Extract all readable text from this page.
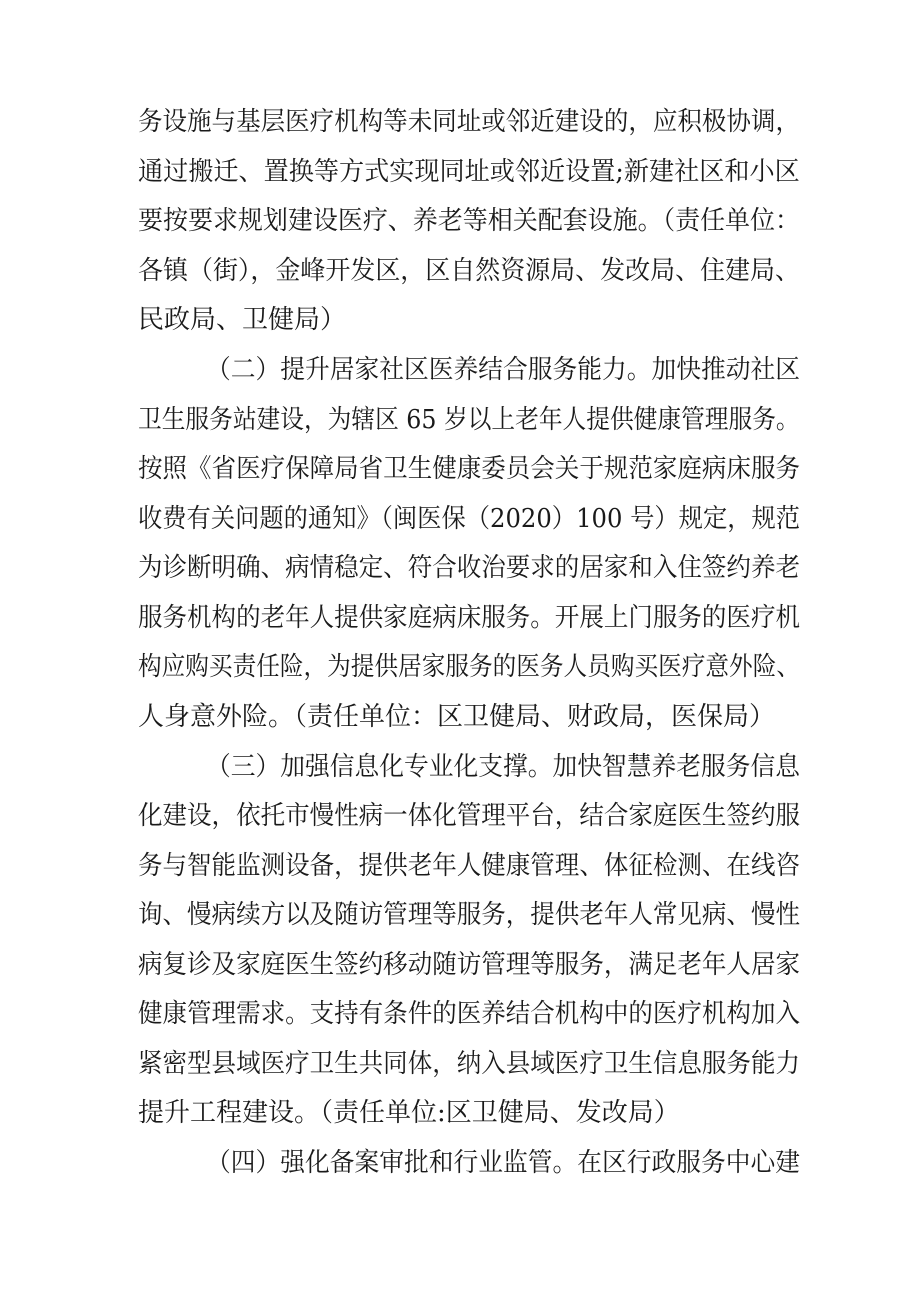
务设施与基层医疗机构等未同址或邻近建设的，应积极协调，
通过搬迁、置换等方式实现同址或邻近设置;新建社区和小区
要按要求规划建设医疗、养老等相关配套设施。（责任单位：
各镇（街），金峰开发区，区自然资源局、发改局、住建局、
民政局、卫健局）
（二）提升居家社区医养结合服务能力。加快推动社区
卫生服务站建设，为辖区 65 岁以上老年人提供健康管理服务。
按照《省医疗保障局省卫生健康委员会关于规范家庭病床服务
收费有关问题的通知》（闽医保（2020）100 号）规定，规范
为诊断明确、病情稳定、符合收治要求的居家和入住签约养老
服务机构的老年人提供家庭病床服务。开展上门服务的医疗机
构应购买责任险，为提供居家服务的医务人员购买医疗意外险、
人身意外险。（责任单位：区卫健局、财政局，医保局）
（三）加强信息化专业化支撑。加快智慧养老服务信息
化建设，依托市慢性病一体化管理平台，结合家庭医生签约服
务与智能监测设备，提供老年人健康管理、体征检测、在线咨
询、慢病续方以及随访管理等服务，提供老年人常见病、慢性
病复诊及家庭医生签约移动随访管理等服务，满足老年人居家
健康管理需求。支持有条件的医养结合机构中的医疗机构加入
紧密型县域医疗卫生共同体，纳入县域医疗卫生信息服务能力
提升工程建设。（责任单位:区卫健局、发改局）
（四）强化备案审批和行业监管。在区行政服务中心建
